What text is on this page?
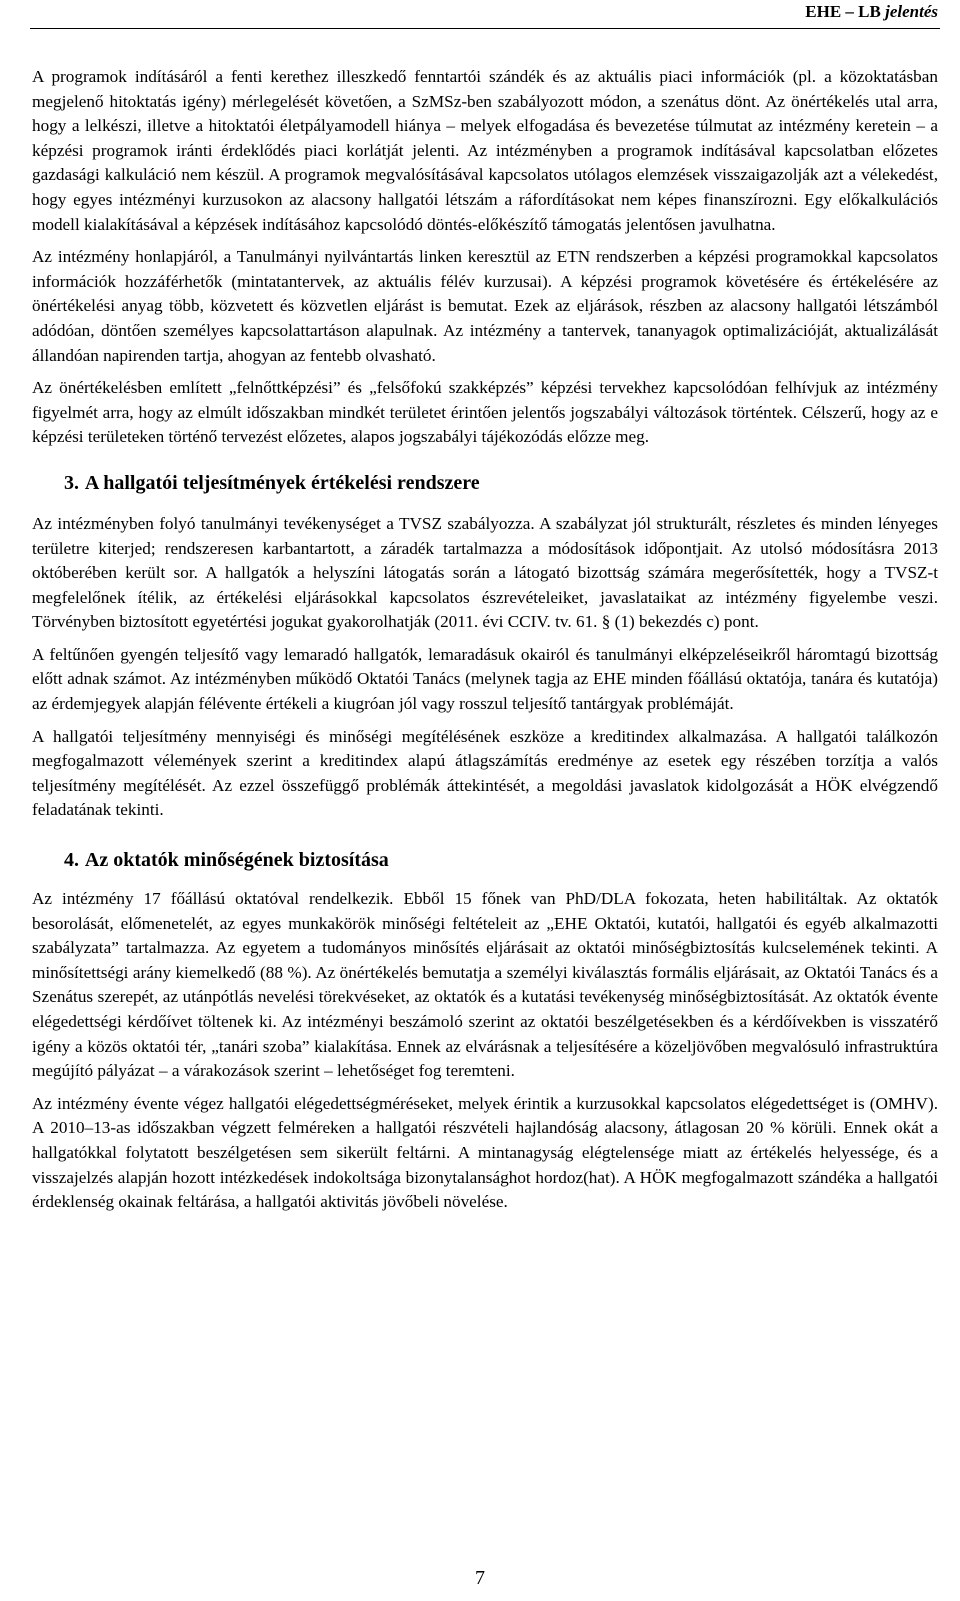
EHE – LB jelentés

A programok indításáról a fenti kerethez illeszkedő fenntartói szándék és az aktuális piaci információk (pl. a közoktatásban megjelenő hitoktatás igény) mérlegelését követően, a SzMSz-ben szabályozott módon, a szenátus dönt. Az önértékelés utal arra, hogy a lelkészi, illetve a hitoktatói életpályamodell hiánya – melyek elfogadása és bevezetése túlmutat az intézmény keretein – a képzési programok iránti érdeklődés piaci korlátját jelenti. Az intézményben a programok indításával kapcsolatban előzetes gazdasági kalkuláció nem készül. A programok megvalósításával kapcsolatos utólagos elemzések visszaigazolják azt a vélekedést, hogy egyes intézményi kurzusokon az alacsony hallgatói létszám a ráfordításokat nem képes finanszírozni. Egy előkalkulációs modell kialakításával a képzések indításához kapcsolódó döntés-előkészítő támogatás jelentősen javulhatna.

Az intézmény honlapjáról, a Tanulmányi nyilvántartás linken keresztül az ETN rendszerben a képzési programokkal kapcsolatos információk hozzáférhetők (mintatantervek, az aktuális félév kurzusai). A képzési programok követésére és értékelésére az önértékelési anyag több, közvetett és közvetlen eljárást is bemutat. Ezek az eljárások, részben az alacsony hallgatói létszámból adódóan, döntően személyes kapcsolattartáson alapulnak. Az intézmény a tantervek, tananyagok optimalizációját, aktualizálását állandóan napirenden tartja, ahogyan az fentebb olvasható.

Az önértékelésben említett „felnőttképzési” és „felsőfokú szakképzés” képzési tervekhez kapcsolódóan felhívjuk az intézmény figyelmét arra, hogy az elmúlt időszakban mindkét területet érintően jelentős jogszabályi változások történtek. Célszerű, hogy az e képzési területeken történő tervezést előzetes, alapos jogszabályi tájékozódás előzze meg.

3. A hallgatói teljesítmények értékelési rendszere

Az intézményben folyó tanulmányi tevékenységet a TVSZ szabályozza. A szabályzat jól strukturált, részletes és minden lényeges területre kiterjed; rendszeresen karbantartott, a záradék tartalmazza a módosítások időpontjait. Az utolsó módosításra 2013 októberében került sor. A hallgatók a helyszíni látogatás során a látogató bizottság számára megerősítették, hogy a TVSZ-t megfelelőnek ítélik, az értékelési eljárásokkal kapcsolatos észrevételeiket, javaslataikat az intézmény figyelembe veszi. Törvényben biztosított egyetértési jogukat gyakorolhatják (2011. évi CCIV. tv. 61. § (1) bekezdés c) pont.

A feltűnően gyengén teljesítő vagy lemaradó hallgatók, lemaradásuk okairól és tanulmányi elképzeléseikről háromtagú bizottság előtt adnak számot. Az intézményben működő Oktatói Tanács (melynek tagja az EHE minden főállású oktatója, tanára és kutatója) az érdemjegyek alapján félévente értékeli a kiugróan jól vagy rosszul teljesítő tantárgyak problémáját.

A hallgatói teljesítmény mennyiségi és minőségi megítélésének eszköze a kreditindex alkalmazása. A hallgatói találkozón megfogalmazott vélemények szerint a kreditindex alapú átlagszámítás eredménye az esetek egy részében torzítja a valós teljesítmény megítélését. Az ezzel összefüggő problémák áttekintését, a megoldási javaslatok kidolgozását a HÖK elvégzendő feladatának tekinti.

4. Az oktatók minőségének biztosítása

Az intézmény 17 főállású oktatóval rendelkezik. Ebből 15 főnek van PhD/DLA fokozata, heten habilitáltak. Az oktatók besorolását, előmenetelét, az egyes munkakörök minőségi feltételeit az „EHE Oktatói, kutatói, hallgatói és egyéb alkalmazotti szabályzata” tartalmazza. Az egyetem a tudományos minősítés eljárásait az oktatói minőségbiztosítás kulcselemének tekinti. A minősítettségi arány kiemelkedő (88 %). Az önértékelés bemutatja a személyi kiválasztás formális eljárásait, az Oktatói Tanács és a Szenátus szerepét, az utánpótlás nevelési törekvéseket, az oktatók és a kutatási tevékenység minőségbiztosítását. Az oktatók évente elégedettségi kérdőívet töltenek ki. Az intézményi beszámoló szerint az oktatói beszélgetésekben és a kérdőívekben is visszatérő igény a közös oktatói tér, „tanári szoba” kialakítása. Ennek az elvárásnak a teljesítésére a közeljövőben megvalósuló infrastruktúra megújító pályázat – a várakozások szerint – lehetőséget fog teremteni.

Az intézmény évente végez hallgatói elégedettségméréseket, melyek érintik a kurzusokkal kapcsolatos elégedettséget is (OMHV). A 2010–13-as időszakban végzett felméreken a hallgatói részvételi hajlandóság alacsony, átlagosan 20 % körüli. Ennek okát a hallgatókkal folytatott beszélgetésen sem sikerült feltárni. A mintanagyság elégtelensége miatt az értékelés helyessége, és a visszajelzés alapján hozott intézkedések indokoltsága bizonytalansághot hordoz(hat). A HÖK megfogalmazott szándéka a hallgatói érdeklenség okainak feltárása, a hallgatói aktivitás jövőbeli növelése.

7
